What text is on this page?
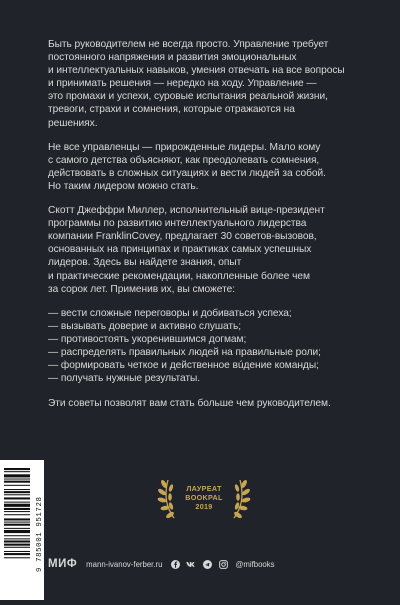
Быть руководителем не всегда просто. Управление требует
постоянного напряжения и развития эмоциональных
и интеллектуальных навыков, умения отвечать на все вопросы
и принимать решения — нередко на ходу. Управление —
это промахи и успехи, суровые испытания реальной жизни,
тревоги, страхи и сомнения, которые отражаются на
решениях.
Не все управленцы — прирожденные лидеры. Мало кому
с самого детства объясняют, как преодолевать сомнения,
действовать в сложных ситуациях и вести людей за собой.
Но таким лидером можно стать.
Скотт Джеффри Миллер, исполнительный вице-президент
программы по развитию интеллектуального лидерства
компании FranklinCovey, предлагает 30 советов-вызовов,
основанных на принципах и практиках самых успешных
лидеров. Здесь вы найдете знания, опыт
и практические рекомендации, накопленные более чем
за сорок лет. Применив их, вы сможете:
— вести сложные переговоры и добиваться успеха;
— вызывать доверие и активно слушать;
— противостоять укоренившимся догмам;
— распределять правильных людей на правильные роли;
— формировать четкое и действенное вúдение команды;
— получать нужные результаты.
Эти советы позволят вам стать больше чем руководителем.
ЛАУРЕАТ
BOOKPAL
2019
9 785001 951728 МИФ mann-ivanov-ferber.ru	@mifbooks
